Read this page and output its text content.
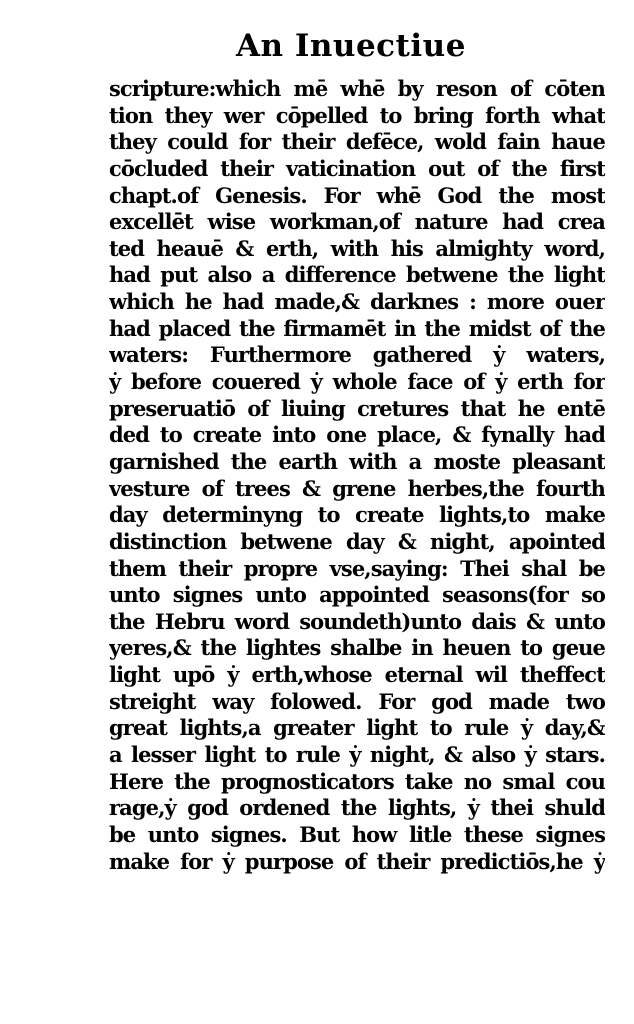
An Inuectiue
scripture:which mē whē by reson of cōten
tion they wer cōpelled to bring forth what
they could for their defēce, wold fain haue
cōcluded their vaticination out of the first
chapt.of Genesis. For whē God the most
excellēt wise workman,of nature had crea
ted heauē & erth, with his almighty word,
had put also a difference betwene the light
which he had made,& darknes : more ouer
had placed the firmamēt in the midst of the
waters: Furthermore gathered ẏ waters,
ẏ before couered ẏ whole face of ẏ erth for
preseruatiō of liuing cretures that he entē
ded to create into one place, & fynally had
garnished the earth with a moste pleasant
vesture of trees & grene herbes,the fourth
day determinyng to create lights,to make
distinction betwene day & night, apointed
them their propre vse,saying: Thei shal be
unto signes unto appointed seasons(for so
the Hebru word soundeth)unto dais & unto
yeres,& the lightes shalbe in heuen to geue
light upō ẏ erth,whose eternal wil theffect
streight way folowed. For god made two
great lights,a greater light to rule ẏ day,&
a lesser light to rule ẏ night, & also ẏ stars.
Here the prognosticators take no smal cou
rage,ẏ god ordened the lights, ẏ thei shuld
be unto signes. But how litle these signes
make for ẏ purpose of their predictiōs,he ẏ
